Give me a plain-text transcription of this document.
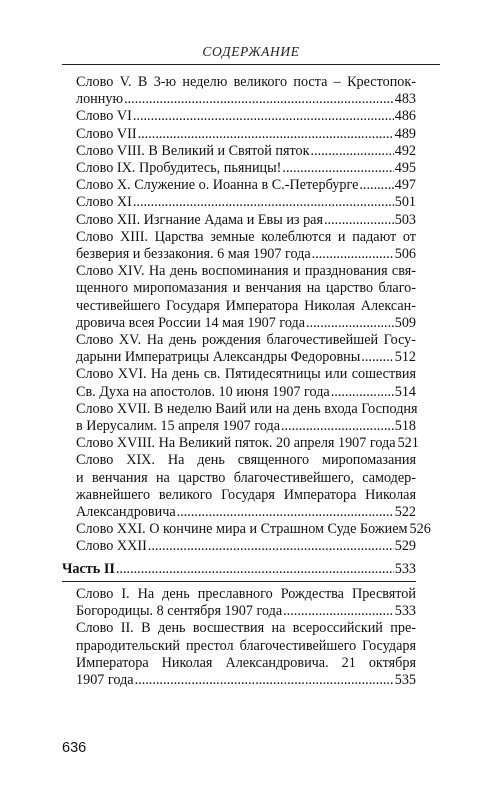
СОДЕРЖАНИЕ
Слово V. В 3-ю неделю великого поста – Крестопок-
лонную .....	483
Слово VI .....	486
Слово VII .....	489
Слово VIII. В Великий и Святой пяток .....	492
Слово IX. Пробудитесь, пьяницы! .....	495
Слово X. Служение о. Иоанна в С.-Петербурге .....	497
Слово XI .....	501
Слово XII. Изгнание Адама и Евы из рая .....	503
Слово XIII. Царства земные колеблются и падают от
безверия и беззакония. 6 мая 1907 года .....	506
Слово XIV. На день воспоминания и празднования свя-
щенного миропомазания и венчания на царство благо-
честивейшего Государя Императора Николая Алексан-
дровича всея России 14 мая 1907 года .....	509
Слово XV. На день рождения благочестивейшей Госу-
дарыни Императрицы Александры Федоровны ..... 512
Слово XVI. На день св. Пятидесятницы или сошествия
Св. Духа на апостолов. 10 июня 1907 года .....	514
Слово XVII. В неделю Ваий или на день входа Господня
в Иерусалим. 15 апреля 1907 года .....	518
Слово XVIII. На Великий пяток. 20 апреля 1907 года 521
Слово XIX. На день священного миропомазания
и венчания на царство благочестивейшего, самодер-
жавнейшего великого Государя Императора Николая
Александровича .....	522
Слово XXI. О кончине мира и Страшном Суде Божием 526
Слово XXII .....	529
Часть II .....	533
Слово I. На день преславного Рождества Пресвятой
Богородицы. 8 сентября 1907 года .....	533
Слово II. В день восшествия на всероссийский пре-
прародительский престол благочестивейшего Государя
Императора Николая Александровича. 21 октября
1907 года .....	535
636
